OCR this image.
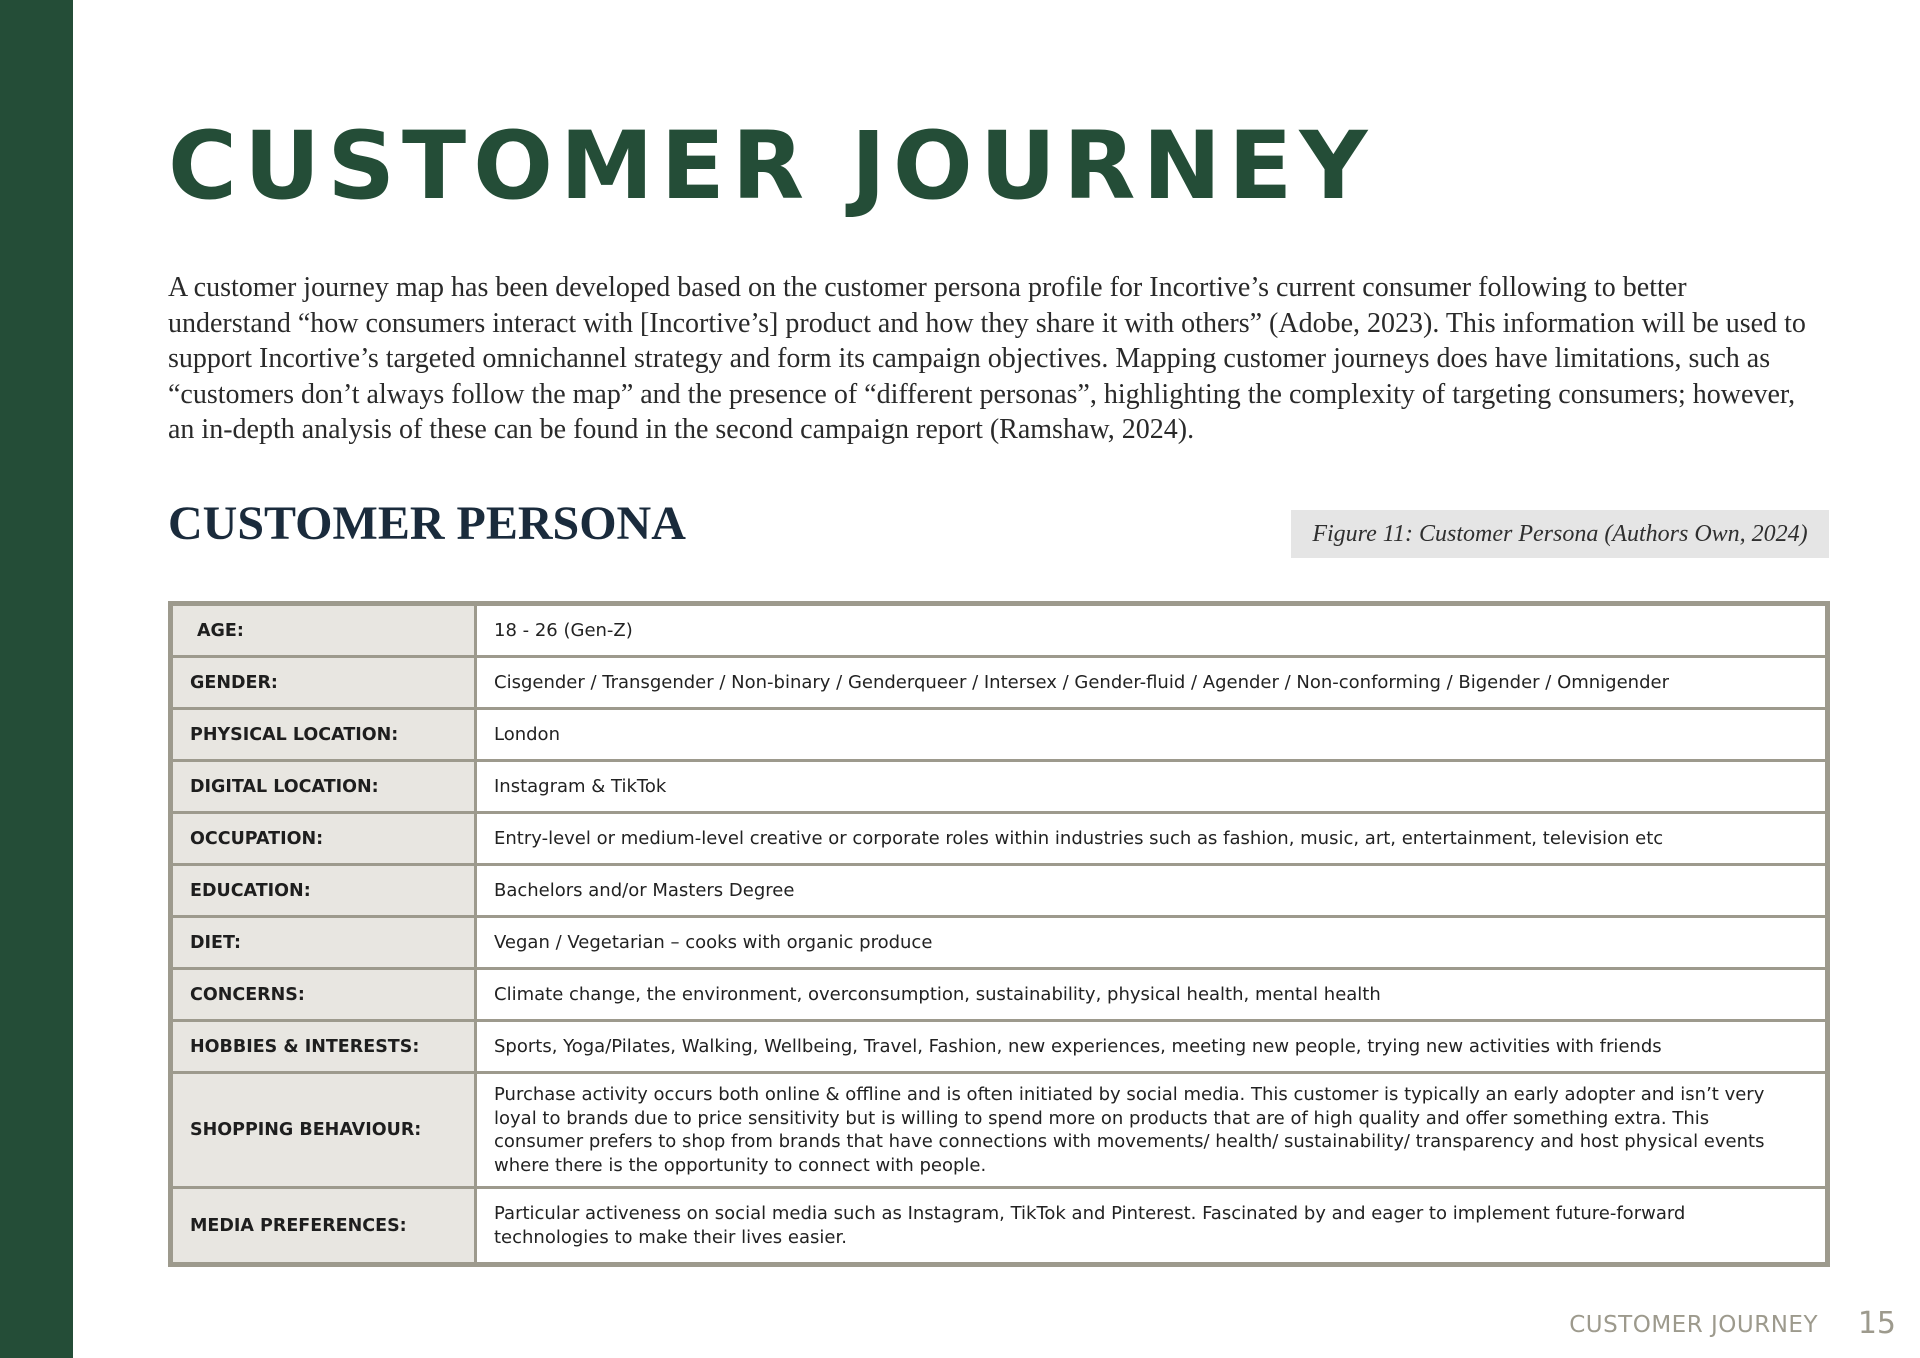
CUSTOMER JOURNEY

A customer journey map has been developed based on the customer persona profile for Incortive’s current consumer following to better understand “how consumers interact with [Incortive’s] product and how they share it with others” (Adobe, 2023). This information will be used to support Incortive’s targeted omnichannel strategy and form its campaign objectives. Mapping customer journeys does have limitations, such as “customers don’t always follow the map” and the presence of “different personas”, highlighting the complexity of targeting consumers; however, an in-depth analysis of these can be found in the second campaign report (Ramshaw, 2024).

CUSTOMER PERSONA	Figure 11: Customer Persona (Authors Own, 2024)
AGE:	18 - 26 (Gen-Z)
GENDER:	Cisgender / Transgender / Non-binary / Genderqueer / Intersex / Gender-fluid / Agender / Non-conforming / Bigender / Omnigender
PHYSICAL LOCATION:	London
DIGITAL LOCATION:	Instagram & TikTok
OCCUPATION:	Entry-level or medium-level creative or corporate roles within industries such as fashion, music, art, entertainment, television etc
EDUCATION:	Bachelors and/or Masters Degree
DIET:	Vegan / Vegetarian – cooks with organic produce
CONCERNS:	Climate change, the environment, overconsumption, sustainability, physical health, mental health
HOBBIES & INTERESTS:	Sports, Yoga/Pilates, Walking, Wellbeing, Travel, Fashion, new experiences, meeting new people, trying new activities with friends
SHOPPING BEHAVIOUR:
Purchase activity occurs both online & offline and is often initiated by social media. This customer is typically an early adopter and isn’t very loyal to brands due to price sensitivity but is willing to spend more on products that are of high quality and offer something extra. This consumer prefers to shop from brands that have connections with movements/ health/ sustainability/ transparency and host physical events where there is the opportunity to connect with people.
MEDIA PREFERENCES:
Particular activeness on social media such as Instagram, TikTok and Pinterest. Fascinated by and eager to implement future-forward technologies to make their lives easier.
CUSTOMER JOURNEY 15
